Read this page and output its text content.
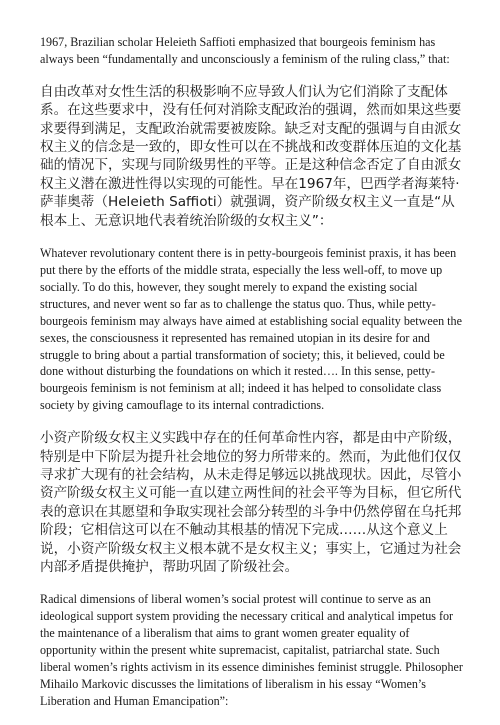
1967, Brazilian scholar Heleieth Saffioti emphasized that bourgeois feminism has always been “fundamentally and unconsciously a feminism of the ruling class,” that:

自由改革对女性生活的积极影响不应导致人们认为它们消除了支配体系。在这些要求中，没有任何对消除支配政治的强调，然而如果这些要求要得到满足，支配政治就需要被废除。缺乏对支配的强调与自由派女权主义的信念是一致的，即女性可以在不挑战和改变群体压迫的文化基础的情况下，实现与同阶级男性的平等。正是这种信念否定了自由派女权主义潜在激进性得以实现的可能性。早在1967年，巴西学者海莱特·萨菲奥蒂（Heleieth Saffioti）就强调，资产阶级女权主义一直是“从根本上、无意识地代表着统治阶级的女权主义”：

Whatever revolutionary content there is in petty-bourgeois feminist praxis, it has been put there by the efforts of the middle strata, especially the less well-off, to move up socially. To do this, however, they sought merely to expand the existing social structures, and never went so far as to challenge the status quo. Thus, while petty-bourgeois feminism may always have aimed at establishing social equality between the sexes, the consciousness it represented has remained utopian in its desire for and struggle to bring about a partial transformation of society; this, it believed, could be done without disturbing the foundations on which it rested…. In this sense, petty-bourgeois feminism is not feminism at all; indeed it has helped to consolidate class society by giving camouflage to its internal contradictions.

小资产阶级女权主义实践中存在的任何革命性内容，都是由中产阶级，特别是中下阶层为提升社会地位的努力所带来的。然而，为此他们仅仅寻求扩大现有的社会结构，从未走得足够远以挑战现状。因此，尽管小资产阶级女权主义可能一直以建立两性间的社会平等为目标，但它所代表的意识在其愿望和争取实现社会部分转型的斗争中仍然停留在乌托邦阶段；它相信这可以在不触动其根基的情况下完成……从这个意义上说，小资产阶级女权主义根本就不是女权主义；事实上，它通过为社会内部矛盾提供掩护，帮助巩固了阶级社会。

Radical dimensions of liberal women’s social protest will continue to serve as an ideological support system providing the necessary critical and analytical impetus for the maintenance of a liberalism that aims to grant women greater equality of opportunity within the present white supremacist, capitalist, patriarchal state. Such liberal women’s rights activism in its essence diminishes feminist struggle. Philosopher Mihailo Markovic discusses the limitations of liberalism in his essay “Women’s Liberation and Human Emancipation”:
